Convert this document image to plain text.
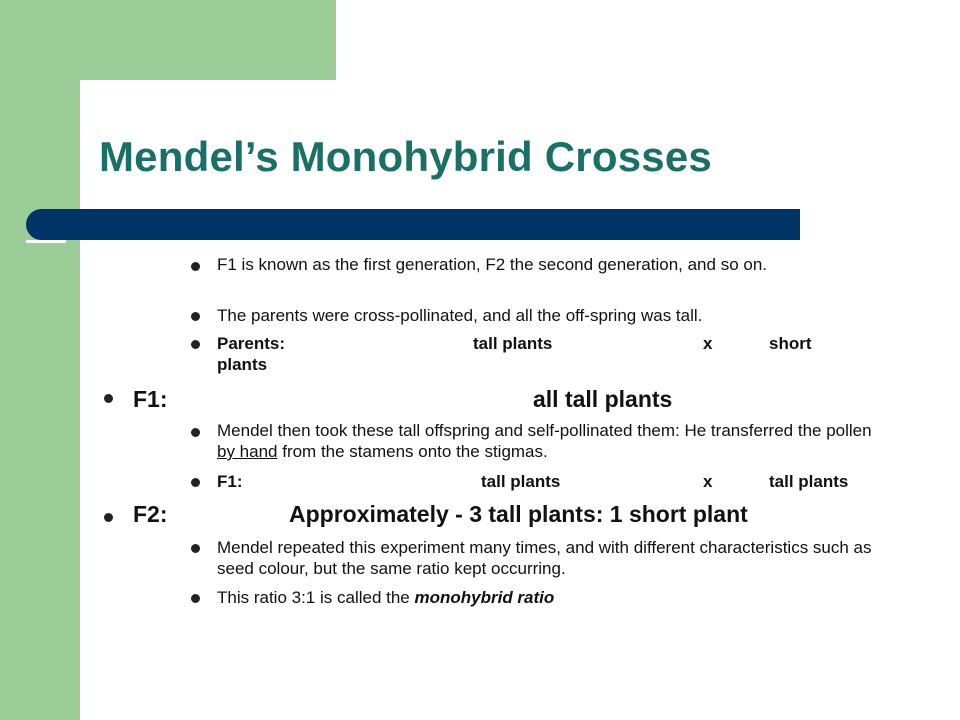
Mendel’s Monohybrid Crosses
F1 is known as the first generation, F2 the second generation, and so on.
The parents were cross-pollinated, and all the off-spring was tall.
Parents:	tall plants	x	short
plants
F1:	all tall plants
Mendel then took these tall offspring and self-pollinated them: He transferred the pollen by hand from the stamens onto the stigmas.
F1:	tall plants	x	tall plants
F2:	Approximately - 3 tall plants: 1 short plant
Mendel repeated this experiment many times, and with different characteristics such as seed colour, but the same ratio kept occurring.
This ratio 3:1 is called the monohybrid ratio
